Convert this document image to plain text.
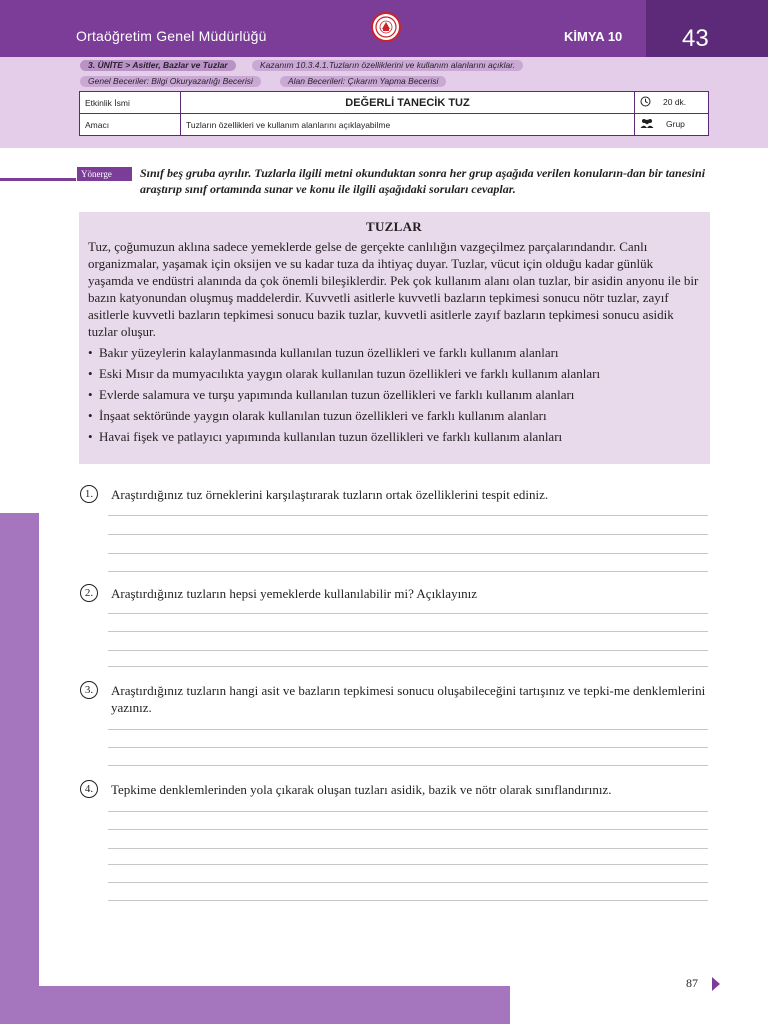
Ortaöğretim Genel Müdürlüğü	KİMYA 10 43
3. ÜNİTE > Asitler, Bazlar ve Tuzlar	Kazanım 10.3.4.1.Tuzların özelliklerini ve kullanım alanlarını açıklar.
Genel Beceriler: Bilgi Okuryazarlığı Becerisi	Alan Becerileri: Çıkarım Yapma Becerisi
Etkinlik İsmi	DEĞERLİ TANECİK TUZ	20 dk.
Amacı	Tuzların özellikleri ve kullanım alanlarını açıklayabilme	Grup
Yönerge	Sınıf beş gruba ayrılır. Tuzlarla ilgili metni okunduktan sonra her grup aşağıda verilen konuların-dan bir tanesini araştırıp sınıf ortamında sunar ve konu ile ilgili aşağıdaki soruları cevaplar.

TUZLAR

Tuz, çoğumuzun aklına sadece yemeklerde gelse de gerçekte canlılığın vazgeçilmez parçalarındandır. Canlı organizmalar, yaşamak için oksijen ve su kadar tuza da ihtiyaç duyar. Tuzlar, vücut için olduğu kadar günlük yaşamda ve endüstri alanında da çok önemli bileşiklerdir. Pek çok kullanım alanı olan tuzlar, bir asidin anyonu ile bir bazın katyonundan oluşmuş maddelerdir. Kuvvetli asitlerle kuvvetli bazların tepkimesi sonucu nötr tuzlar, zayıf asitlerle kuvvetli bazların tepkimesi sonucu bazik tuzlar, kuvvetli asitlerle zayıf bazların tepkimesi sonucu asidik tuzlar oluşur.

• Bakır yüzeylerin kalaylanmasında kullanılan tuzun özellikleri ve farklı kullanım alanları
• Eski Mısır da mumyacılıkta yaygın olarak kullanılan tuzun özellikleri ve farklı kullanım alanları
• Evlerde salamura ve turşu yapımında kullanılan tuzun özellikleri ve farklı kullanım alanları
• İnşaat sektöründe yaygın olarak kullanılan tuzun özellikleri ve farklı kullanım alanları
• Havai fişek ve patlayıcı yapımında kullanılan tuzun özellikleri ve farklı kullanım alanları
1.	Araştırdığınız tuz örneklerini karşılaştırarak tuzların ortak özelliklerini tespit ediniz.

2.	Araştırdığınız tuzların hepsi yemeklerde kullanılabilir mi? Açıklayınız

3.	Araştırdığınız tuzların hangi asit ve bazların tepkimesi sonucu oluşabileceğini tartışınız ve tepki-me denklemlerini yazınız.

4.	Tepkime denklemlerinden yola çıkarak oluşan tuzları asidik, bazik ve nötr olarak sınıflandırınız.

87
